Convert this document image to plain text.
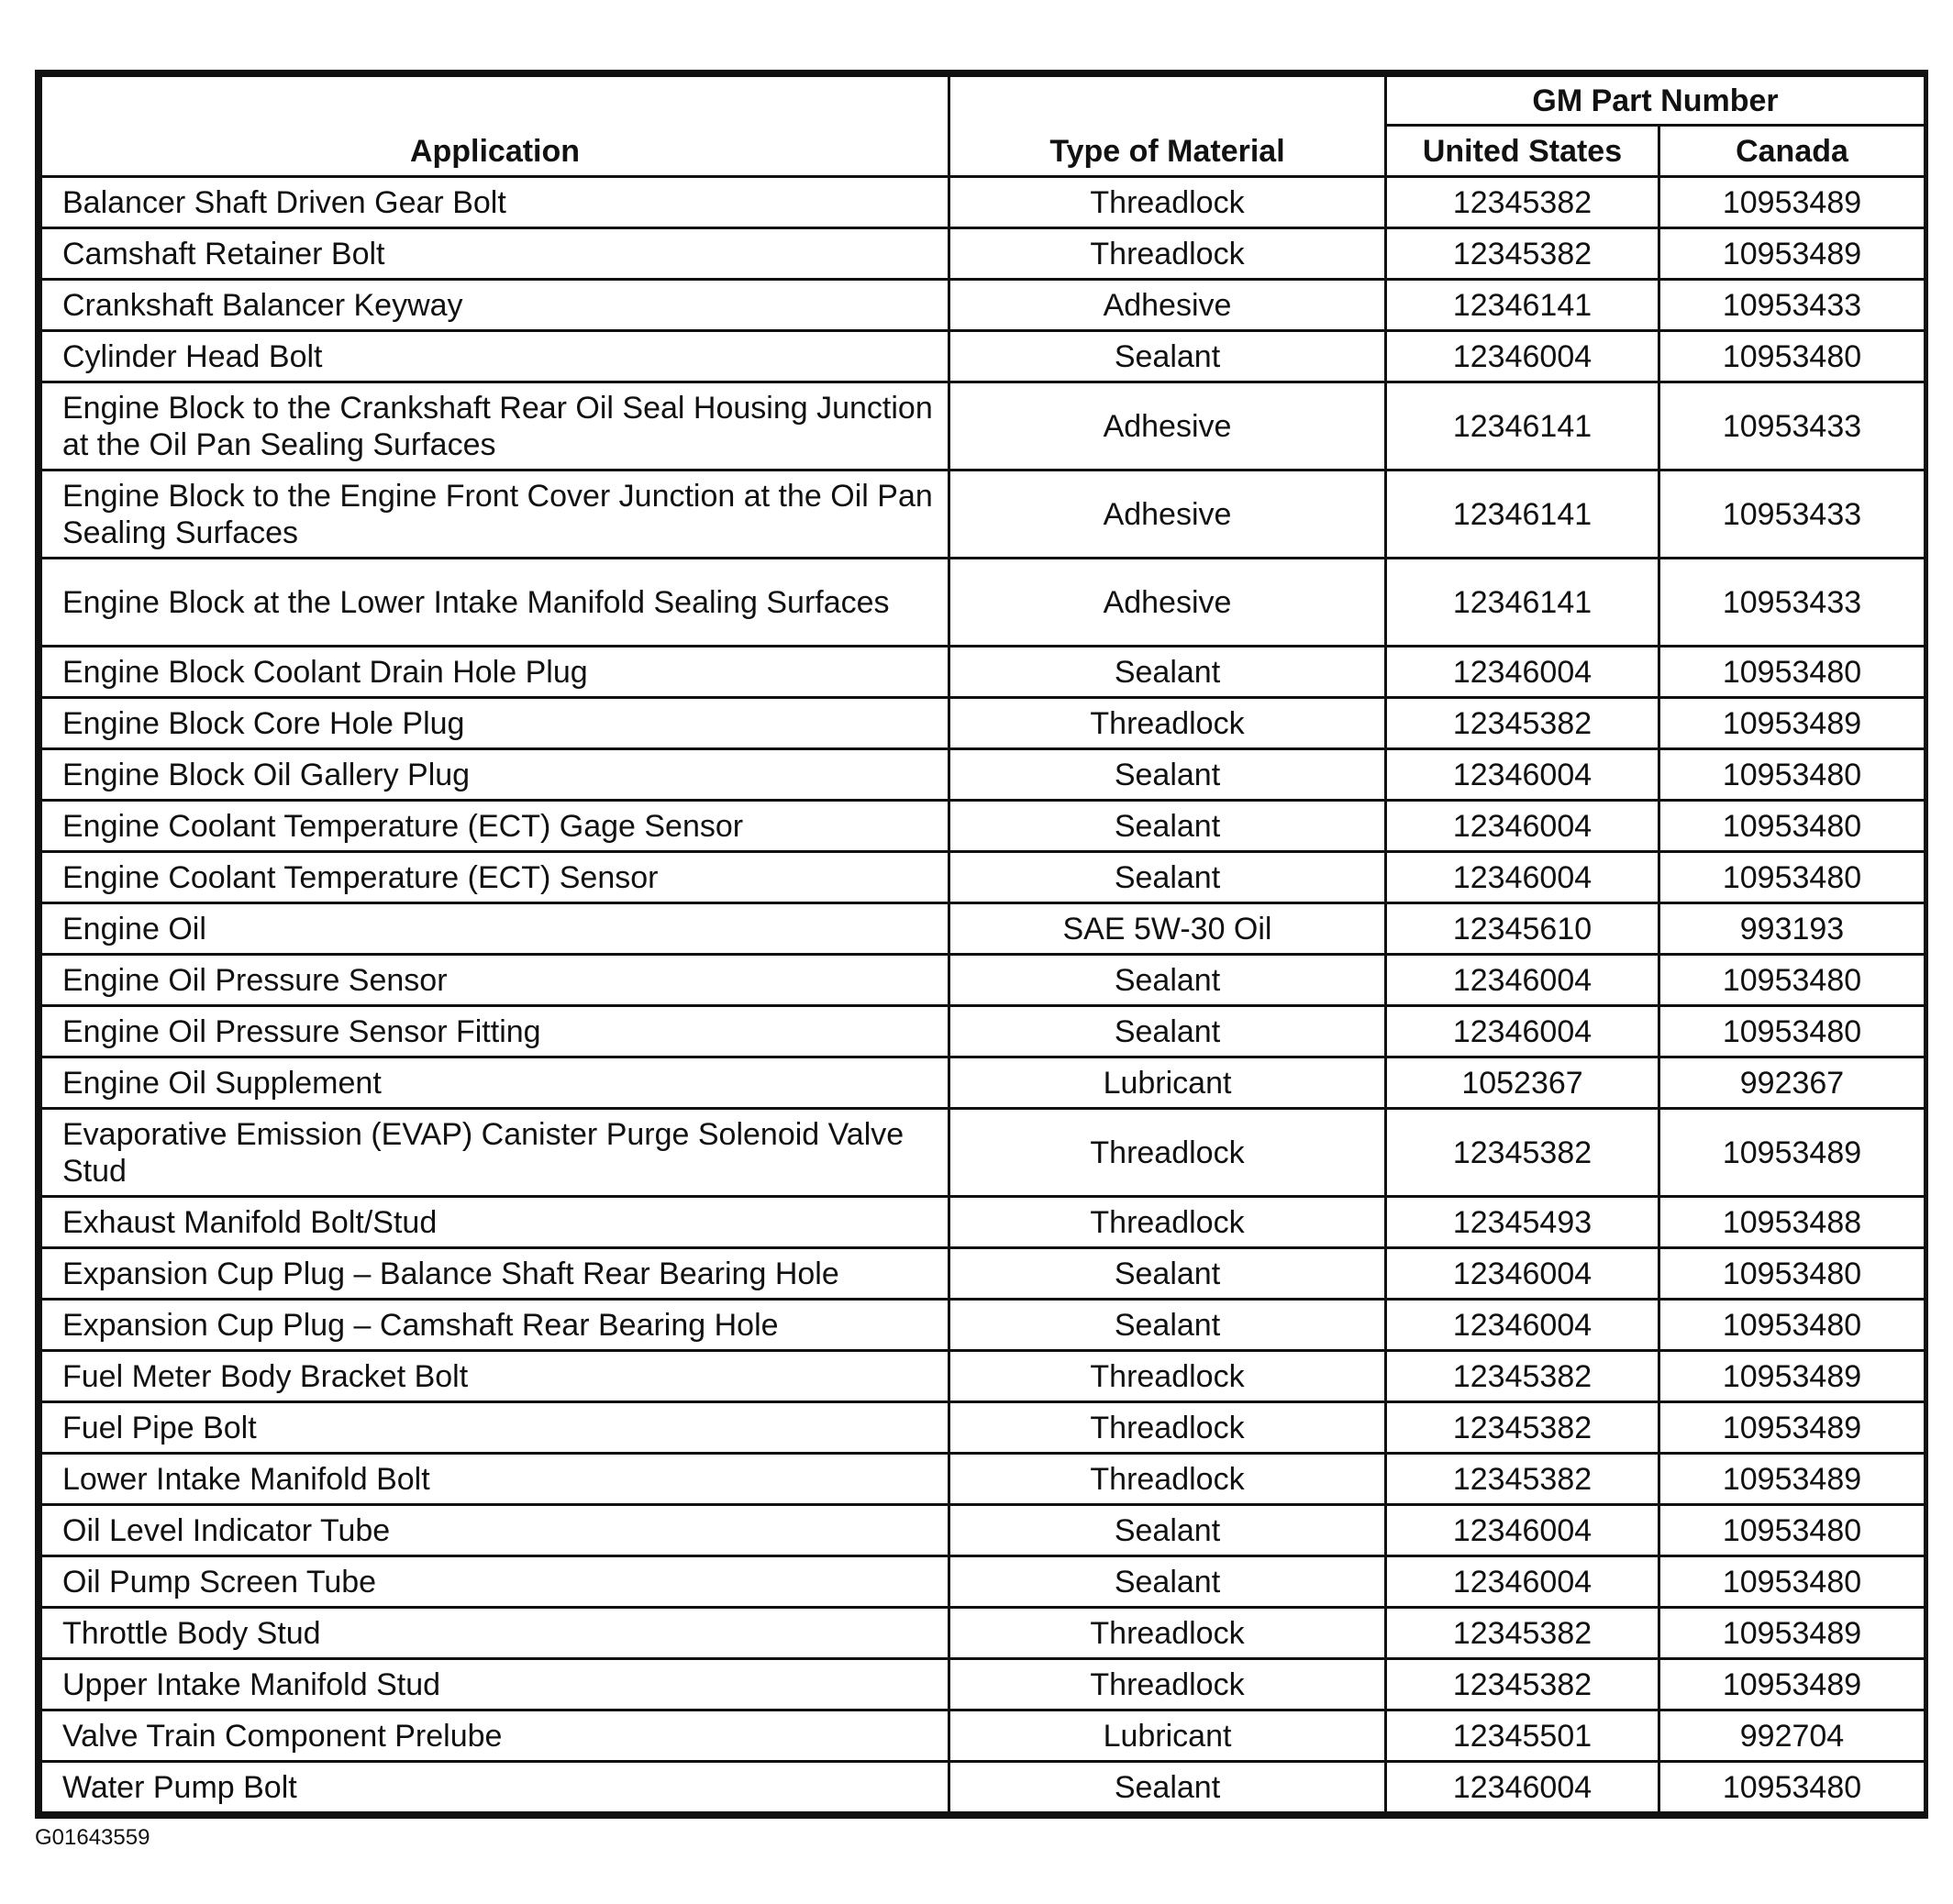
Application	Type of Material	GM Part Number	
		United States	Canada
Balancer Shaft Driven Gear Bolt	Threadlock	12345382	10953489
Camshaft Retainer Bolt	Threadlock	12345382	10953489
Crankshaft Balancer Keyway	Adhesive	12346141	10953433
Cylinder Head Bolt	Sealant	12346004	10953480
Engine Block to the Crankshaft Rear Oil Seal Housing Junction at the Oil Pan Sealing Surfaces	Adhesive	12346141	10953433
Engine Block to the Engine Front Cover Junction at the Oil Pan Sealing Surfaces	Adhesive	12346141	10953433
Engine Block at the Lower Intake Manifold Sealing Surfaces	Adhesive	12346141	10953433
Engine Block Coolant Drain Hole Plug	Sealant	12346004	10953480
Engine Block Core Hole Plug	Threadlock	12345382	10953489
Engine Block Oil Gallery Plug	Sealant	12346004	10953480
Engine Coolant Temperature (ECT) Gage Sensor	Sealant	12346004	10953480
Engine Coolant Temperature (ECT) Sensor	Sealant	12346004	10953480
Engine Oil	SAE 5W-30 Oil	12345610	993193
Engine Oil Pressure Sensor	Sealant	12346004	10953480
Engine Oil Pressure Sensor Fitting	Sealant	12346004	10953480
Engine Oil Supplement	Lubricant	1052367	992367
Evaporative Emission (EVAP) Canister Purge Solenoid Valve Stud	Threadlock	12345382	10953489
Exhaust Manifold Bolt/Stud	Threadlock	12345493	10953488
Expansion Cup Plug – Balance Shaft Rear Bearing Hole	Sealant	12346004	10953480
Expansion Cup Plug – Camshaft Rear Bearing Hole	Sealant	12346004	10953480
Fuel Meter Body Bracket Bolt	Threadlock	12345382	10953489
Fuel Pipe Bolt	Threadlock	12345382	10953489
Lower Intake Manifold Bolt	Threadlock	12345382	10953489
Oil Level Indicator Tube	Sealant	12346004	10953480
Oil Pump Screen Tube	Sealant	12346004	10953480
Throttle Body Stud	Threadlock	12345382	10953489
Upper Intake Manifold Stud	Threadlock	12345382	10953489
Valve Train Component Prelube	Lubricant	12345501	992704
Water Pump Bolt	Sealant	12346004	10953480
G01643559
